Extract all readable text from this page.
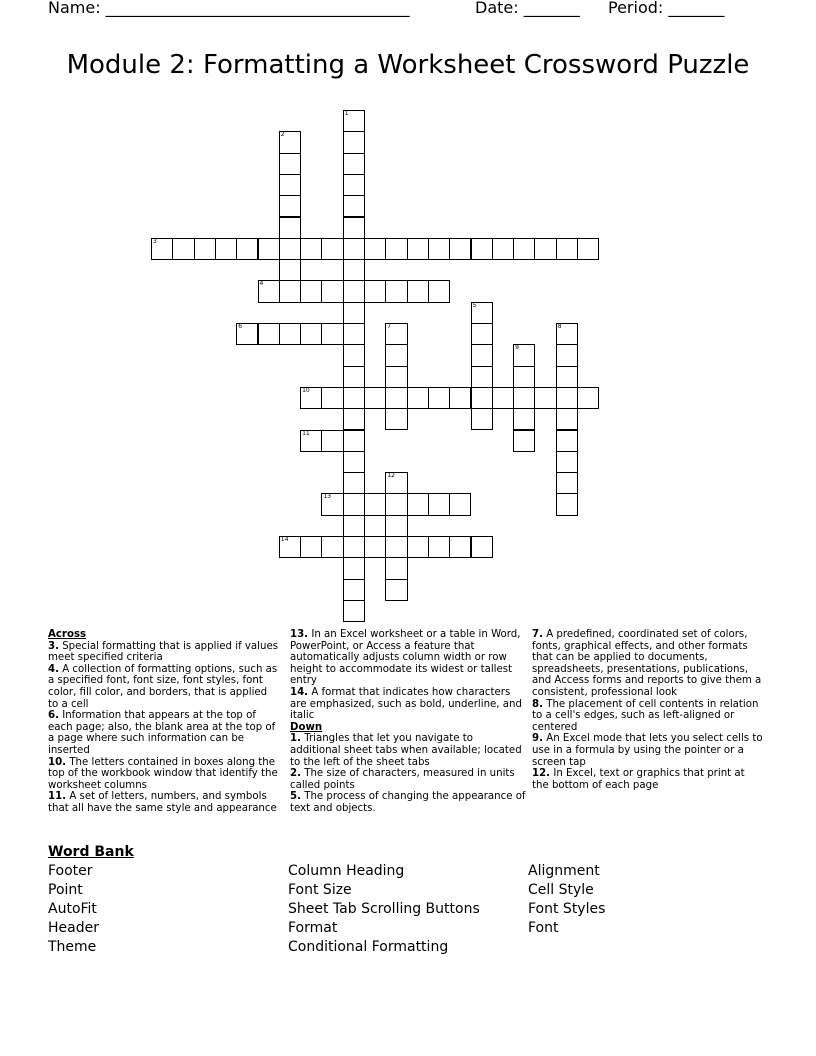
Name: ______________________________________	Date: _______ Period: _______
Module 2: Formatting a Worksheet Crossword Puzzle
3
4
6
10
11
13
14
1
2
5
7	8
9
12

Across

3. Special formatting that is applied if values meet specified criteria

4. A collection of formatting options, such as a specified font, font size, font styles, font color, fill color, and borders, that is applied to a cell

6. Information that appears at the top of each page; also, the blank area at the top of a page where such information can be inserted

10. The letters contained in boxes along the top of the workbook window that identify the worksheet columns

11. A set of letters, numbers, and symbols that all have the same style and appearance

13. In an Excel worksheet or a table in Word, PowerPoint, or Access a feature that automatically adjusts column width or row height to accommodate its widest or tallest entry

14. A format that indicates how characters are emphasized, such as bold, underline, and italic

Down

1. Triangles that let you navigate to additional sheet tabs when available; located to the left of the sheet tabs

2. The size of characters, measured in units called points

5. The process of changing the appearance of text and objects.

7. A predefined, coordinated set of colors, fonts, graphical effects, and other formats that can be applied to documents, spreadsheets, presentations, publications, and Access forms and reports to give them a consistent, professional look

8. The placement of cell contents in relation to a cell's edges, such as left-aligned or centered

9. An Excel mode that lets you select cells to use in a formula by using the pointer or a screen tap

12. In Excel, text or graphics that print at the bottom of each page

Word Bank
Footer
Point
AutoFit
Header
Theme
Column Heading
Font Size
Sheet Tab Scrolling Buttons
Format
Conditional Formatting
Alignment
Cell Style
Font Styles
Font
